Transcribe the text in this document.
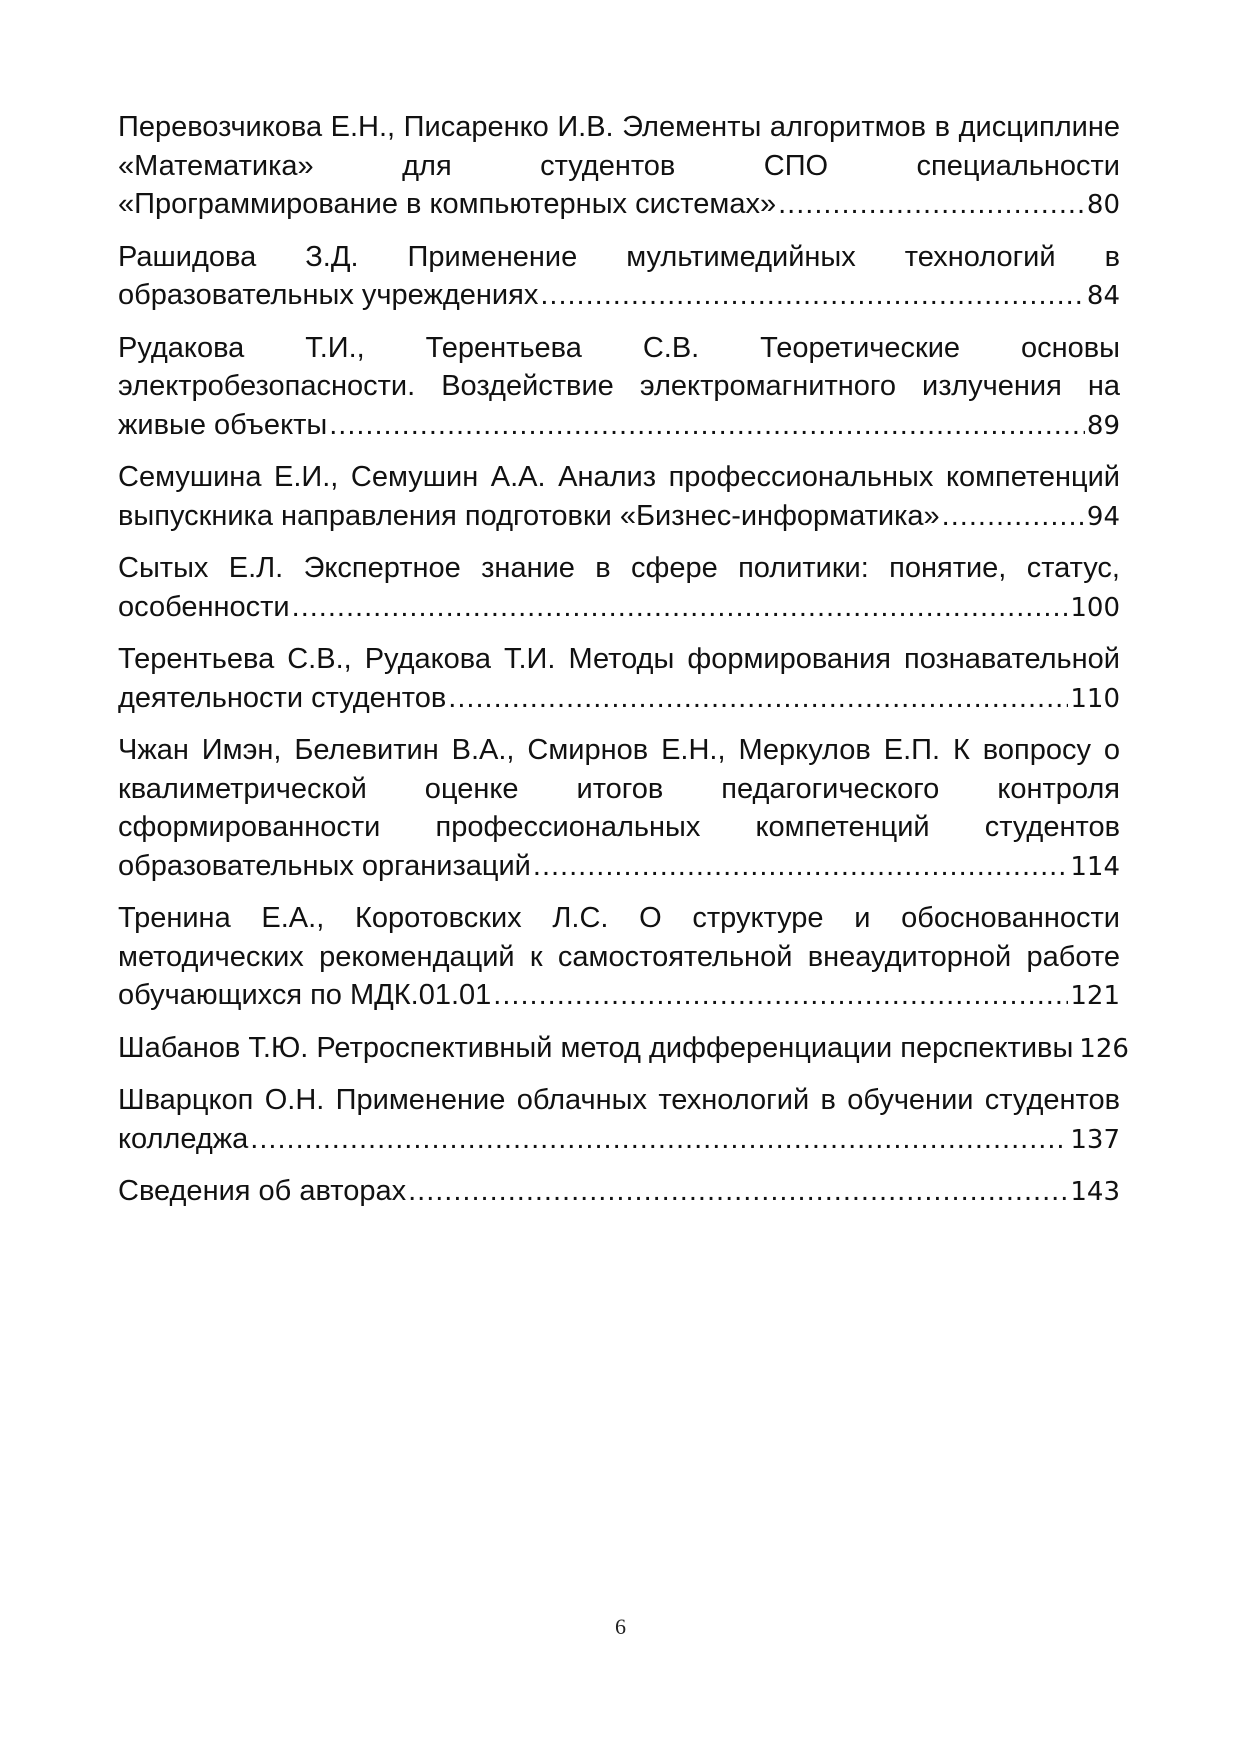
Перевозчикова Е.Н., Писаренко И.В. Элементы алгоритмов в дисциплине «Математика» для студентов СПО специальности
«Программирование в компьютерных системах» .....	80
Рашидова З.Д. Применение мультимедийных технологий в
образовательных учреждениях .....	84
Рудакова Т.И., Терентьева С.В. Теоретические основы электробезопасности. Воздействие электромагнитного излучения на
живые объекты .....	89
Семушина Е.И., Семушин А.А. Анализ профессиональных компетенций
выпускника направления подготовки «Бизнес-информатика» .....	94
Сытых Е.Л. Экспертное знание в сфере политики: понятие, статус,
особенности .....	100
Терентьева С.В., Рудакова Т.И. Методы формирования познавательной
деятельности студентов .....	110
Чжан Имэн, Белевитин В.А., Смирнов Е.Н., Меркулов Е.П. К вопросу о квалиметрической оценке итогов педагогического контроля сформированности профессиональных компетенций студентов
образовательных организаций .....	114
Тренина Е.А., Коротовских Л.С. О структуре и обоснованности методических рекомендаций к самостоятельной внеаудиторной работе
обучающихся по МДК.01.01 .....	121
Шабанов Т.Ю. Ретроспективный метод дифференциации перспективы 126
Шварцкоп О.Н. Применение облачных технологий в обучении студентов
колледжа .....	137
Сведения об авторах .....	143
6
